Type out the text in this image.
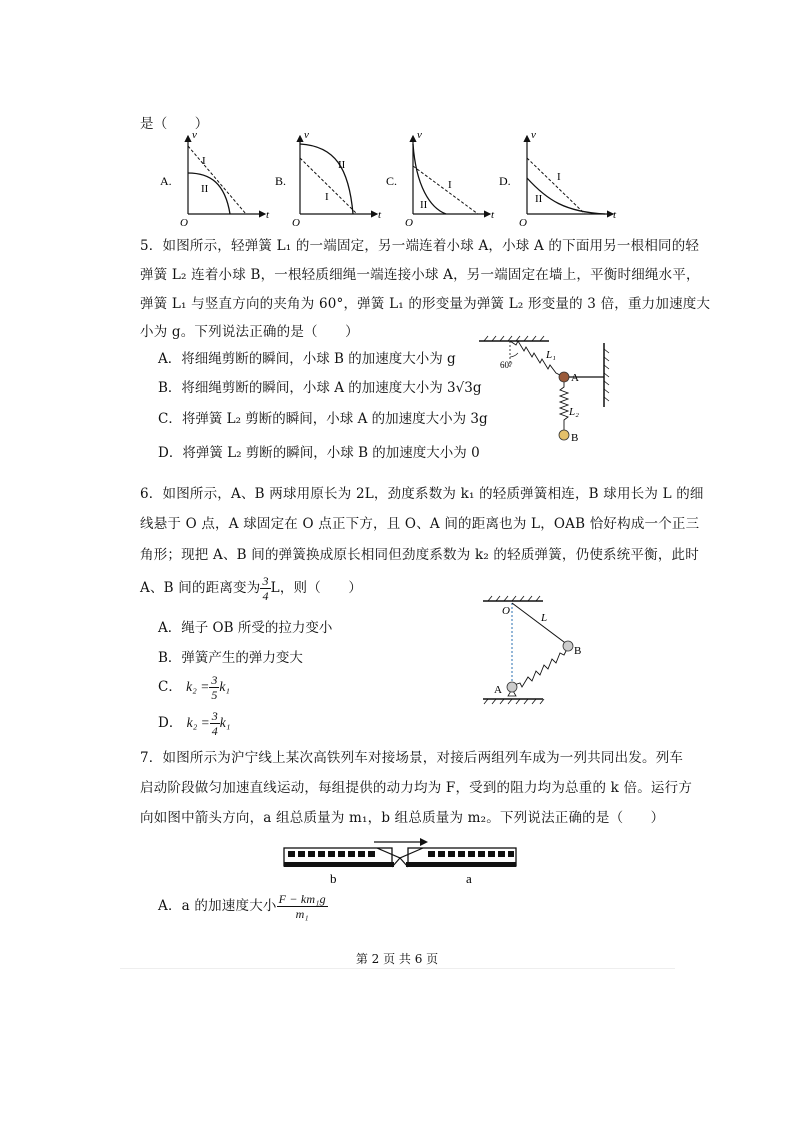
是（　　）
A.
I
II
v
t
O
B.
II
I
v
t
O
C.	I
II
v
t
O
D.	I
II
v
t
O
5．如图所示，轻弹簧 L₁ 的一端固定，另一端连着小球 A，小球 A 的下面用另一根相同的轻
弹簧 L₂ 连着小球 B，一根轻质细绳一端连接小球 A，另一端固定在墙上，平衡时细绳水平，
弹簧 L₁ 与竖直方向的夹角为 60°，弹簧 L₁ 的形变量为弹簧 L₂ 形变量的 3 倍，重力加速度大
小为 g。下列说法正确的是（　　）
A．将细绳剪断的瞬间，小球 B 的加速度大小为 g
B．将细绳剪断的瞬间，小球 A 的加速度大小为 3√3g
C．将弹簧 L₂ 剪断的瞬间，小球 A 的加速度大小为 3g
D．将弹簧 L₂ 剪断的瞬间，小球 B 的加速度大小为 0
60°
L₁
A
L₂
B
6．如图所示，A、B 两球用原长为 2L，劲度系数为 k₁ 的轻质弹簧相连，B 球用长为 L 的细
线悬于 O 点，A 球固定在 O 点正下方，且 O、A 间的距离也为 L，OAB 恰好构成一个正三
角形；现把 A、B 间的弹簧换成原长相同但劲度系数为 k₂ 的轻质弹簧，仍使系统平衡，此时
A、B 间的距离变为 $\frac{3}{4}$ L，则（　　）
A．绳子 OB 所受的拉力变小
B．弹簧产生的弹力变大
C． $k_2 = \frac{3}{5} k_1$
D． $k_2 = \frac{3}{4} k_1$
O
L
A
B
7．如图所示为沪宁线上某次高铁列车对接场景，对接后两组列车成为一列共同出发。列车
启动阶段做匀加速直线运动，每组提供的动力均为 F，受到的阻力均为总重的 k 倍。运行方
向如图中箭头方向，a 组总质量为 m₁，b 组总质量为 m₂。下列说法正确的是（　　）
b	a
A．a 的加速度大小 $\frac{\text{F − km₁g}}{\text{m₁}}$
第 2 页 共 6 页
